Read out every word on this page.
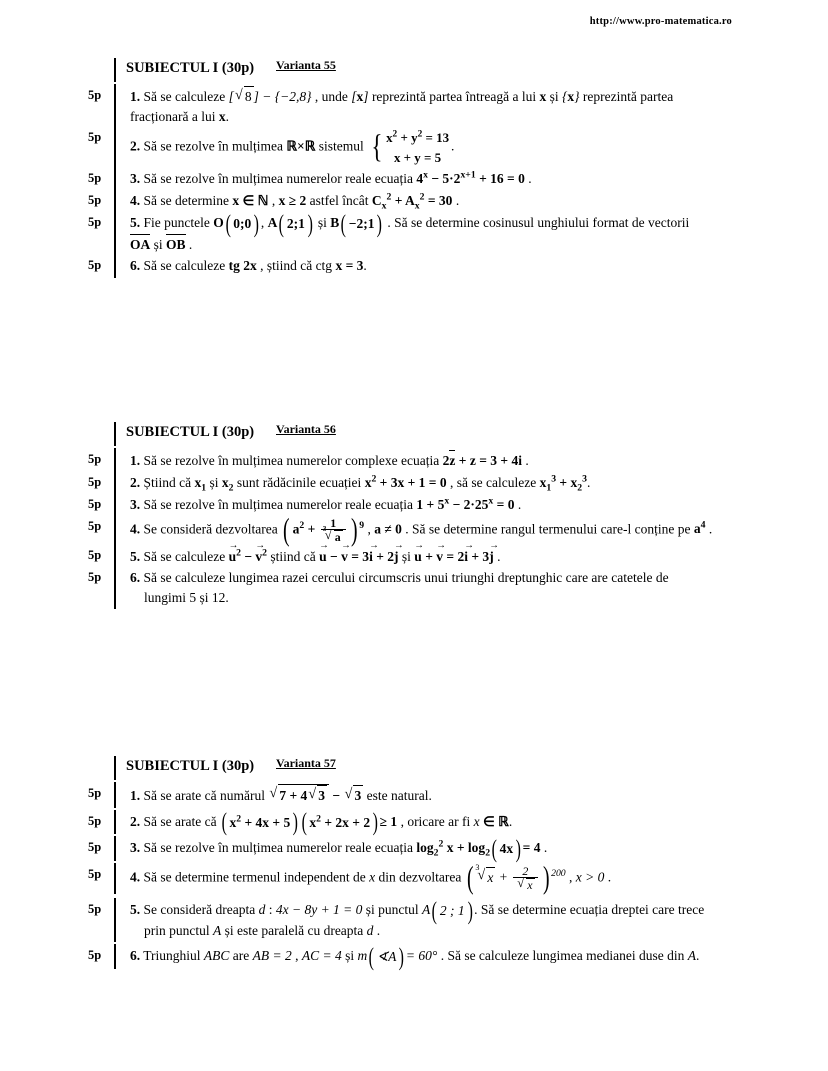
http://www.pro-matematica.ro
SUBIECTUL I (30p) Varianta 55
5p	1. Să se calculeze [ √ 8 ] − {−2,8} , unde [x] reprezintă partea întreagă a lui x și {x} reprezintă partea
fracționară a lui x.
5p
2. Să se rezolve în mulțimea ℝ×ℝ sistemul { $x^2 + y^2 = 13$
x + y = 5
.
5p	3. Să se rezolve în mulțimea numerelor reale ecuația $4^x - 5\cdot 2^{x+1} + 16 = 0$ .
5p	4. Să se determine x ∈ ℕ , x ≥ 2 astfel încât $C_x^2 + A_x^2 = 30$ .
5p	5. Fie punctele O ( 0;0 ) , A ( 2;1 ) și B ( −2;1 ) . Să se determine cosinusul unghiului format de vectorii
OA și OB .
5p	6. Să se calculeze tg 2x , știind că ctg x = 3.
SUBIECTUL I (30p) Varianta 56
5p	1. Să se rezolve în mulțimea numerelor complexe ecuația 2z + z = 3 + 4i .
5p	2. Știind că $x_1$ și $x_2$ sunt rădăcinile ecuației $x^2 + 3x + 1 = 0$ , să se calculeze $x_1^3 + x_2^3$.
5p	3. Să se rezolve în mulțimea numerelor reale ecuația $1 + 5^x - 2\cdot 25^x = 0$ .
5p	4. Se consideră dezvoltarea ( $a^2 + 1$
3
√ a ) $^9$ , a ≠ 0 . Să se determine rangul termenului care-l conține pe $a^4$ .
5p	5. Să se calculeze
→
$u^2$ −
→
$v^2$ știind că
→
u −
→
v = 3
→
i + 2
→
j și
→
u +
→
v = 2
→
i + 3
→
j .
5p	6. Să se calculeze lungimea razei cercului circumscris unui triunghi dreptunghic care are catetele de
lungimi 5 și 12.
SUBIECTUL I (30p) Varianta 57
5p	1. Să se arate că numărul √ 7 + 4 √ 3 − √ 3 este natural.
5p	2. Să se arate că ( $x^2 + 4x + 5$ ) ( $x^2 + 2x + 2$ ) ≥ 1 , oricare ar fi x ∈ ℝ.
5p	3. Să se rezolve în mulțimea numerelor reale ecuația $\log_2^2 x + \log_2$ ( 4x ) = 4 .
5p	4. Să se determine termenul independent de x din dezvoltarea ( 3
√ x + 2
√ x ) $^{200}$ , x > 0 .
5p	5. Se consideră dreapta d : 4x − 8y + 1 = 0 și punctul A ( 2 ; 1 ) . Să se determine ecuația dreptei care trece
prin punctul A și este paralelă cu dreapta d .
5p	6. Triunghiul ABC are AB = 2 , AC = 4 și m ( ∢A ) = 60° . Să se calculeze lungimea medianei duse din A.
